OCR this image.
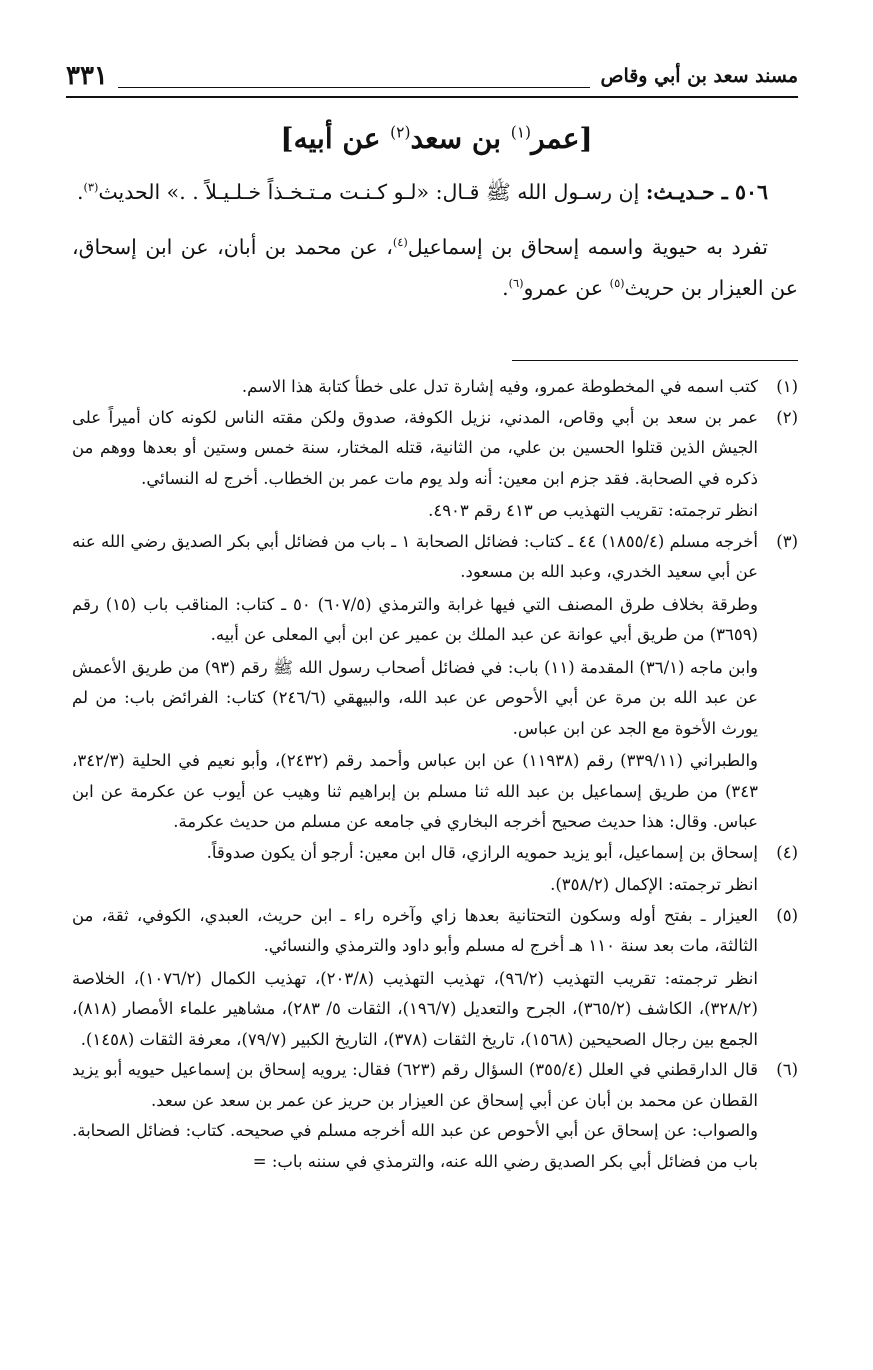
٣٣١	مسند سعد بن أبي وقاص
[عمر$^{(١)}$ بن سعد$^{(٢)}$ عن أبيه]

٥٠٦ ـ حـديـث: إن رسـول الله ﷺ قـال: «لـو كـنـت مـتـخـذاً خـلـيـلاً . .» الحديث$^{(٣)}$.

تفرد به حيوية واسمه إسحاق بن إسماعيل$^{(٤)}$، عن محمد بن أبان، عن ابن إسحاق، عن العيزار بن حريث$^{(٥)}$ عن عمرو$^{(٦)}$.

(١)

كتب اسمه في المخطوطة عمرو، وفيه إشارة تدل على خطأ كتابة هذا الاسم.

(٢)

عمر بن سعد بن أبي وقاص، المدني، نزيل الكوفة، صدوق ولكن مقته الناس لكونه كان أميراً على الجيش الذين قتلوا الحسين بن علي، من الثانية، قتله المختار، سنة خمس وستين أو بعدها ووهم من ذكره في الصحابة. فقد جزم ابن معين: أنه ولد يوم مات عمر بن الخطاب. أخرج له النسائي.

انظر ترجمته: تقريب التهذيب ص ٤١٣ رقم ٤٩٠٣.

(٣)

أخرجه مسلم (١٨٥٥/٤) ٤٤ ـ كتاب: فضائل الصحابة ١ ـ باب من فضائل أبي بكر الصديق رضي الله عنه عن أبي سعيد الخدري، وعبد الله بن مسعود.

وطرقة بخلاف طرق المصنف التي فيها غرابة والترمذي (٦٠٧/٥) ٥٠ ـ كتاب: المناقب باب (١٥) رقم (٣٦٥٩) من طريق أبي عوانة عن عبد الملك بن عمير عن ابن أبي المعلى عن أبيه.

وابن ماجه (٣٦/١) المقدمة (١١) باب: في فضائل أصحاب رسول الله ﷺ رقم (٩٣) من طريق الأعمش عن عبد الله بن مرة عن أبي الأحوص عن عبد الله، والبيهقي (٢٤٦/٦) كتاب: الفرائض باب: من لم يورث الأخوة مع الجد عن ابن عباس.

والطبراني (٣٣٩/١١) رقم (١١٩٣٨) عن ابن عباس وأحمد رقم (٢٤٣٢)، وأبو نعيم في الحلية (٣٤٢/٣، ٣٤٣) من طريق إسماعيل بن عبد الله ثنا مسلم بن إبراهيم ثنا وهيب عن أيوب عن عكرمة عن ابن عباس. وقال: هذا حديث صحيح أخرجه البخاري في جامعه عن مسلم من حديث عكرمة.

(٤)

إسحاق بن إسماعيل، أبو يزيد حمويه الرازي، قال ابن معين: أرجو أن يكون صدوقاً.

انظر ترجمته: الإكمال (٣٥٨/٢).

(٥)

العيزار ـ بفتح أوله وسكون التحتانية بعدها زاي وآخره راء ـ ابن حريث، العبدي، الكوفي، ثقة، من الثالثة، مات بعد سنة ١١٠ هـ أخرج له مسلم وأبو داود والترمذي والنسائي.

انظر ترجمته: تقريب التهذيب (٩٦/٢)، تهذيب التهذيب (٢٠٣/٨)، تهذيب الكمال (١٠٧٦/٢)، الخلاصة (٣٢٨/٢)، الكاشف (٣٦٥/٢)، الجرح والتعديل (١٩٦/٧)، الثقات ٥/ ٢٨٣)، مشاهير علماء الأمصار (٨١٨)، الجمع بين رجال الصحيحين (١٥٦٨)، تاريخ الثقات (٣٧٨)، التاريخ الكبير (٧٩/٧)، معرفة الثقات (١٤٥٨).

(٦)

قال الدارقطني في العلل (٣٥٥/٤) السؤال رقم (٦٢٣) فقال: يرويه إسحاق بن إسماعيل حيويه أبو يزيد القطان عن محمد بن أبان عن أبي إسحاق عن العيزار بن حريز عن عمر بن سعد عن سعد.

والصواب: عن إسحاق عن أبي الأحوص عن عبد الله أخرجه مسلم في صحيحه. كتاب: فضائل الصحابة. باب من فضائل أبي بكر الصديق رضي الله عنه، والترمذي في سننه باب: =
